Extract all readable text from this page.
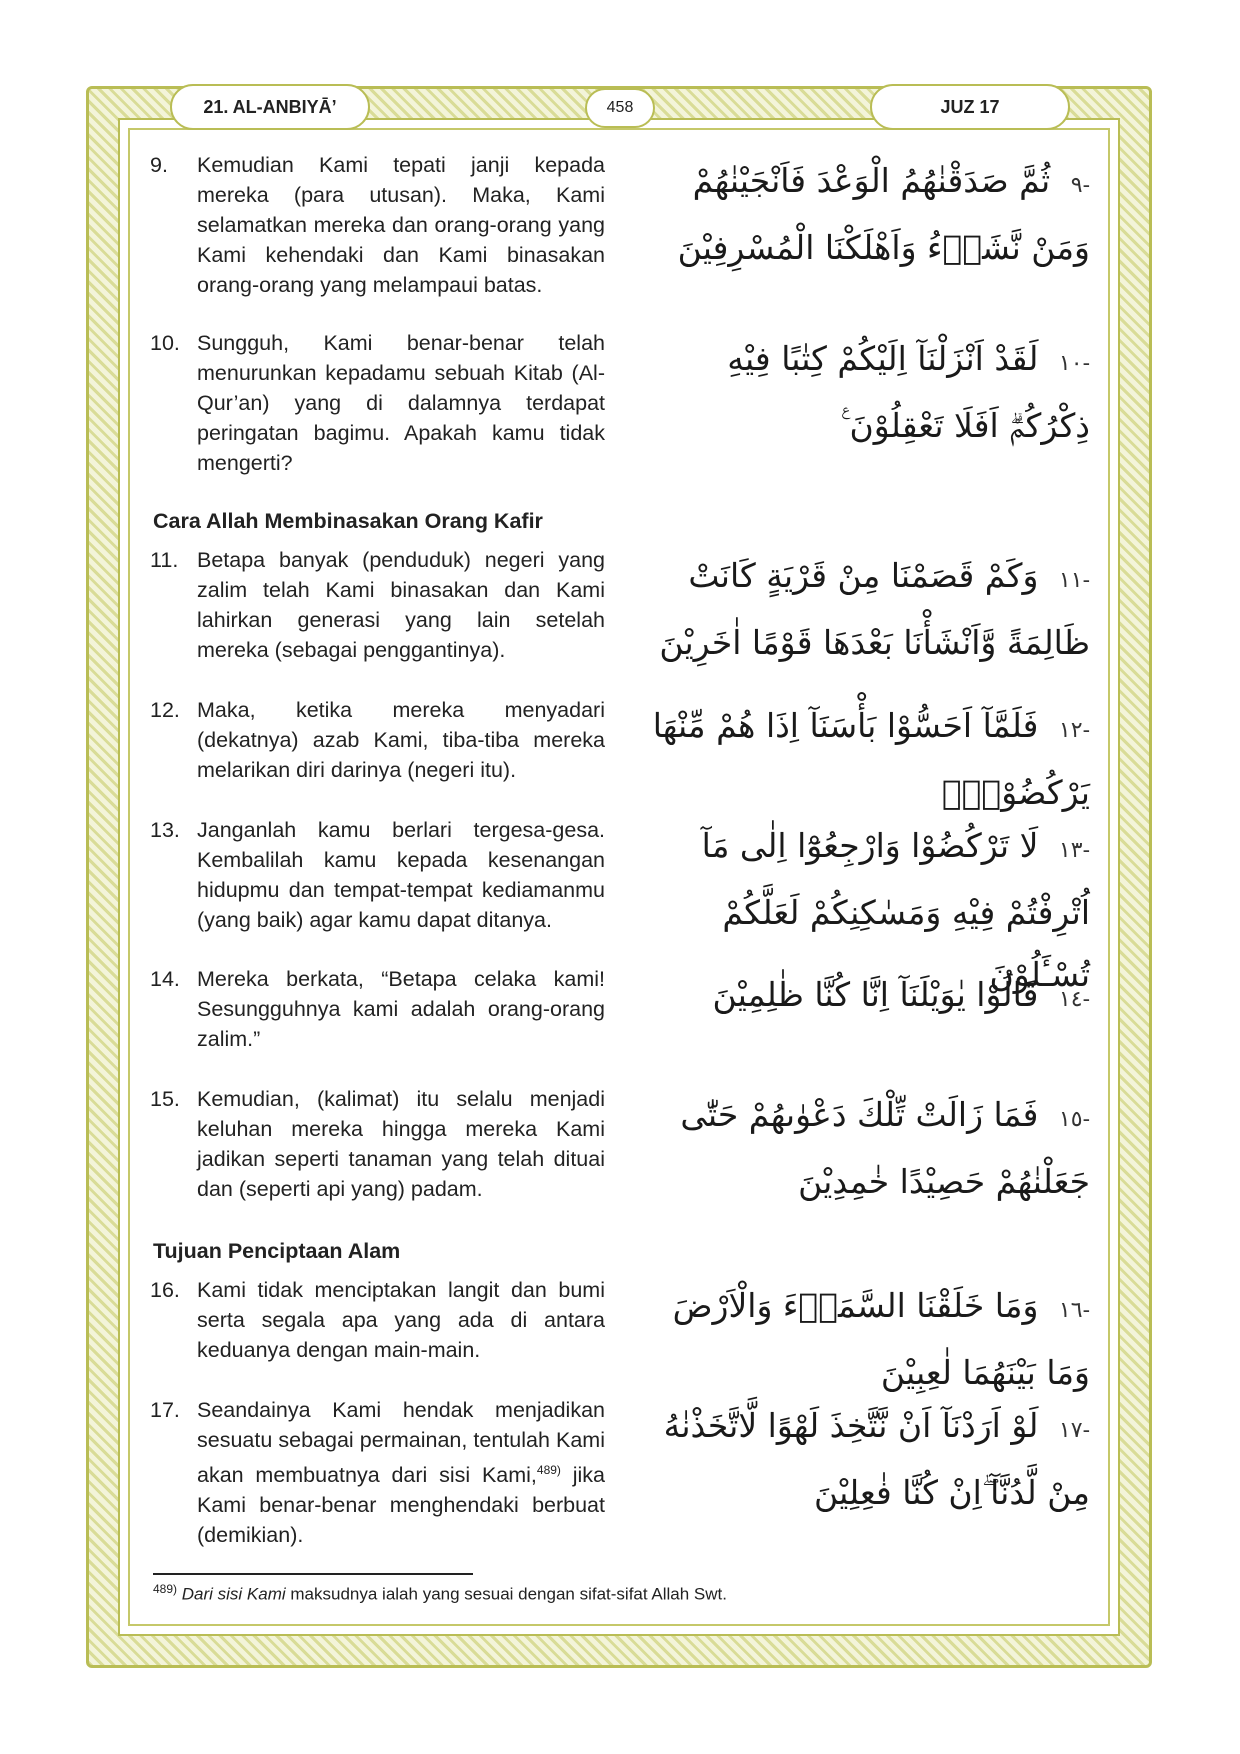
21. AL-ANBIYĀ’	458	JUZ 17
9.	Kemudian Kami tepati janji kepada mereka (para utusan). Maka, Kami selamatkan mereka dan orang-orang yang Kami kehendaki dan Kami binasakan orang-orang yang melampaui batas.
-٩ ثُمَّ صَدَقْنٰهُمُ الْوَعْدَ فَاَنْجَيْنٰهُمْ وَمَنْ نَّشَاۤءُ وَاَهْلَكْنَا الْمُسْرِفِيْنَ
10. Sungguh, Kami benar-benar telah menurunkan kepadamu sebuah Kitab (Al-Qur’an) yang di dalamnya terdapat peringatan bagimu. Apakah kamu tidak mengerti?
-١٠ لَقَدْ اَنْزَلْنَآ اِلَيْكُمْ كِتٰبًا فِيْهِ ذِكْرُكُمْۗ اَفَلَا تَعْقِلُوْنَ ࣖ
Cara Allah Membinasakan Orang Kafir
11. Betapa banyak (penduduk) negeri yang zalim telah Kami binasakan dan Kami lahirkan generasi yang lain setelah mereka (sebagai penggantinya).
-١١ وَكَمْ قَصَمْنَا مِنْ قَرْيَةٍ كَانَتْ ظَالِمَةً وَّاَنْشَأْنَا بَعْدَهَا قَوْمًا اٰخَرِيْنَ
12. Maka, ketika mereka menyadari (dekatnya) azab Kami, tiba-tiba mereka melarikan diri darinya (negeri itu).
-١٢ فَلَمَّآ اَحَسُّوْا بَأْسَنَآ اِذَا هُمْ مِّنْهَا يَرْكُضُوْنَۗ
13. Janganlah kamu berlari tergesa-gesa. Kembalilah kamu kepada kesenangan hidupmu dan tempat-tempat kediamanmu (yang baik) agar kamu dapat ditanya.
-١٣ لَا تَرْكُضُوْا وَارْجِعُوْٓا اِلٰى مَآ اُتْرِفْتُمْ فِيْهِ وَمَسٰكِنِكُمْ لَعَلَّكُمْ تُسْـَٔلُوْنَ
14. Mereka berkata, “Betapa celaka kami! Sesungguhnya kami adalah orang-orang zalim.”
-١٤ قَالُوْا يٰوَيْلَنَآ اِنَّا كُنَّا ظٰلِمِيْنَ
15. Kemudian, (kalimat) itu selalu menjadi keluhan mereka hingga mereka Kami jadikan seperti tanaman yang telah dituai dan (seperti api yang) padam.
-١٥ فَمَا زَالَتْ تِّلْكَ دَعْوٰىهُمْ حَتّٰى جَعَلْنٰهُمْ حَصِيْدًا خٰمِدِيْنَ
Tujuan Penciptaan Alam
16. Kami tidak menciptakan langit dan bumi serta segala apa yang ada di antara keduanya dengan main-main.
-١٦ وَمَا خَلَقْنَا السَّمَاۤءَ وَالْاَرْضَ وَمَا بَيْنَهُمَا لٰعِبِيْنَ
17. Seandainya Kami hendak menjadikan sesuatu sebagai permainan, tentulah Kami akan membuatnya dari sisi Kami,$^{489)}$ jika Kami benar-benar menghendaki berbuat (demikian).
-١٧ لَوْ اَرَدْنَآ اَنْ نَّتَّخِذَ لَهْوًا لَّاتَّخَذْنٰهُ مِنْ لَّدُنَّآ ۖاِنْ كُنَّا فٰعِلِيْنَ
$^{489)}$ Dari sisi Kami maksudnya ialah yang sesuai dengan sifat-sifat Allah Swt.
